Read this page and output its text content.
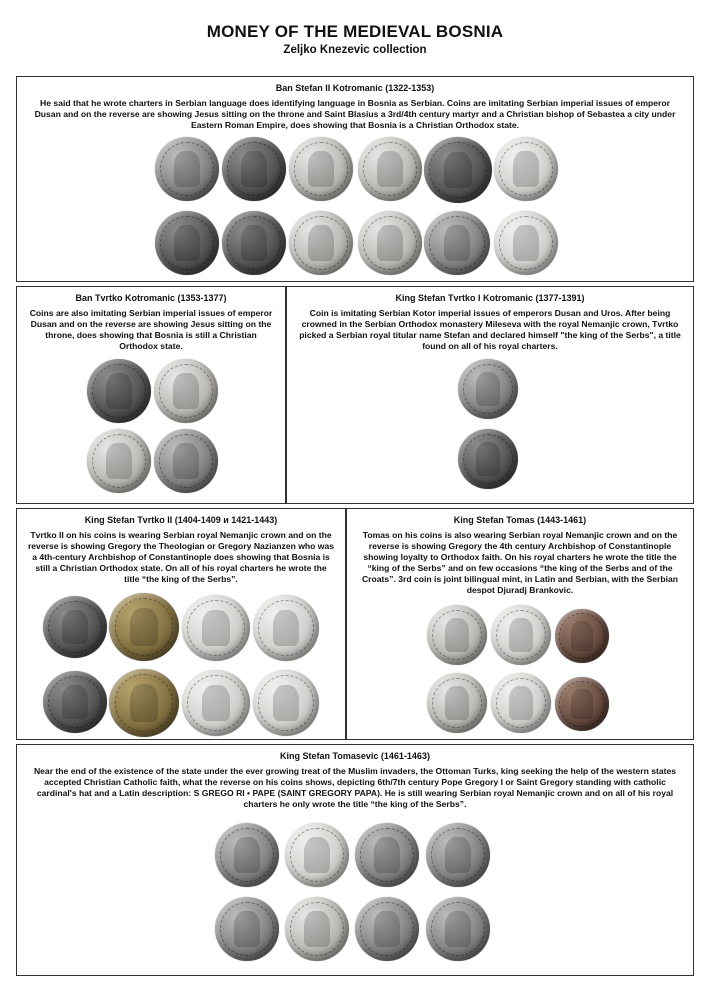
MONEY OF THE MEDIEVAL BOSNIA
Zeljko Knezevic collection
Ban Stefan II Kotromanic (1322-1353)
He said that he wrote charters in Serbian language does identifying language in Bosnia as Serbian. Coins are imitating Serbian imperial issues of emperor Dusan and on the reverse are showing Jesus sitting on the throne and Saint Blasius a 3rd/4th century martyr and a Christian bishop of Sebastea a city under Eastern Roman Empire, does showing that Bosnia is a Christian Orthodox state.
Ban Tvrtko Kotromanic (1353-1377)
Coins are also imitating Serbian imperial issues of emperor Dusan and on the reverse are showing Jesus sitting on the throne, does showing that Bosnia is still a Christian Orthodox state.
King Stefan Tvrtko I Kotromanic (1377-1391)
Coin is imitating Serbian Kotor imperial issues of emperors Dusan and Uros. After being crowned in the Serbian Orthodox monastery Mileseva with the royal Nemanjic crown, Tvrtko picked a Serbian royal titular name Stefan and declared himself "the king of the Serbs", a title found on all of his royal charters.
King Stefan Tvrtko II (1404-1409 и 1421-1443)
Tvrtko II on his coins is wearing Serbian royal Nemanjic crown and on the reverse is showing Gregory the Theologian or Gregory Nazianzen who was a 4th-century Archbishop of Constantinople does showing that Bosnia is still a Christian Orthodox state. On all of his royal charters he wrote the title “the king of the Serbs”.
King Stefan Tomas (1443-1461)
Tomas on his coins is also wearing Serbian royal Nemanjic crown and on the reverse is showing Gregory the 4th century Archbishop of Constantinople showing loyalty to Orthodox faith. On his royal charters he wrote the title the “king of the Serbs” and on few occasions “the king of the Serbs and of the Croats”. 3rd coin is joint bilingual mint, in Latin and Serbian, with the Serbian despot Djuradj Brankovic.
King Stefan Tomasevic (1461-1463)
Near the end of the existence of the state under the ever growing treat of the Muslim invaders, the Ottoman Turks, king seeking the help of the western states accepted Christian Catholic faith, what the reverse on his coins shows, depicting 6th/7th century Pope Gregory I or Saint Gregory standing with catholic cardinal's hat and a Latin description: S GREGO RI • PAPE (SAINT GREGORY PAPA). He is still wearing Serbian royal Nemanjic crown and on all of his royal charters he only wrote the title “the king of the Serbs”.
